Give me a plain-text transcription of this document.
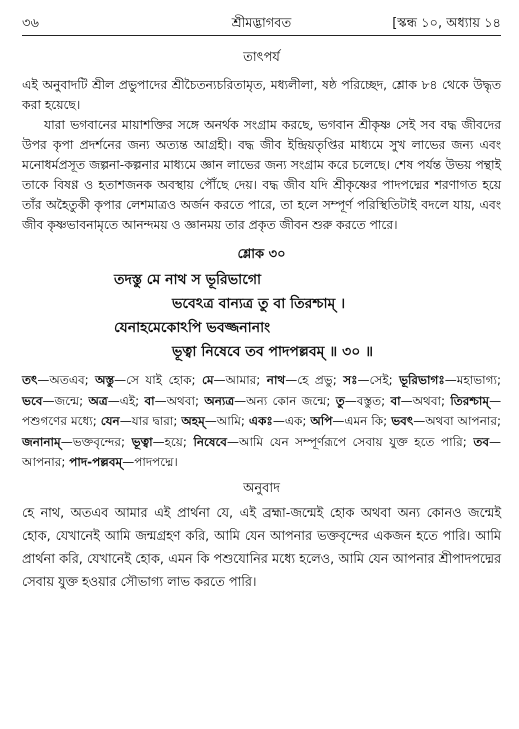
৩৬	শ্রীমদ্ভাগবত	[স্কন্ধ ১০, অধ্যায় ১৪
তাৎপর্য

এই অনুবাদটি শ্রীল প্রভুপাদের শ্রীচৈতন্যচরিতামৃত, মধ্যলীলা, ষষ্ঠ পরিচ্ছেদ, শ্লোক ৮৪ থেকে উদ্ধৃত করা হয়েছে।

যারা ভগবানের মায়াশক্তির সঙ্গে অনর্থক সংগ্রাম করছে, ভগবান শ্রীকৃষ্ণ সেই সব বদ্ধ জীবদের উপর কৃপা প্রদর্শনের জন্য অত্যন্ত আগ্রহী। বদ্ধ জীব ইন্দ্রিয়তৃপ্তির মাধ্যমে সুখ লাভের জন্য এবং মনোধর্মপ্রসূত জল্পনা-কল্পনার মাধ্যমে জ্ঞান লাভের জন্য সংগ্রাম করে চলেছে। শেষ পর্যন্ত উভয় পন্থাই তাকে বিষণ্ণ ও হতাশজনক অবস্থায় পৌঁছে দেয়। বদ্ধ জীব যদি শ্রীকৃষ্ণের পাদপদ্মের শরণাগত হয়ে তাঁর অহৈতুকী কৃপার লেশমাত্রও অর্জন করতে পারে, তা হলে সম্পূর্ণ পরিস্থিতিটাই বদলে যায়, এবং জীব কৃষ্ণভাবনামৃতে আনন্দময় ও জ্ঞানময় তার প্রকৃত জীবন শুরু করতে পারে।

শ্লোক ৩০
তদস্তু মে নাথ স ভূরিভাগো
ভবেঽত্র বান্যত্র তু বা তিরশ্চাম্ ।
যেনাহমেকোঽপি ভবজ্জনানাং
ভূত্বা নিষেবে তব পাদপল্লবম্ ॥ ৩০ ॥

তৎ—অতএব; অস্তু—সে যাই হোক; মে—আমার; নাথ—হে প্রভু; সঃ—সেই; ভূরিভাগঃ—মহাভাগ্য; ভবে—জন্মে; অত্র—এই; বা—অথবা; অন্যত্র—অন্য কোন জন্মে; তু—বস্তুত; বা—অথবা; তিরশ্চাম্—পশুগণের মধ্যে; যেন—যার দ্বারা; অহম্—আমি; একঃ—এক; অপি—এমন কি; ভবৎ—অথবা আপনার; জনানাম্—ভক্তবৃন্দের; ভূত্বা—হয়ে; নিষেবে—আমি যেন সম্পূর্ণরূপে সেবায় যুক্ত হতে পারি; তব—আপনার; পাদ-পল্লবম্—পাদপদ্মে।

অনুবাদ

হে নাথ, অতএব আমার এই প্রার্থনা যে, এই ব্রহ্মা-জন্মেই হোক অথবা অন্য কোনও জন্মেই হোক, যেখানেই আমি জন্মগ্রহণ করি, আমি যেন আপনার ভক্তবৃন্দের একজন হতে পারি। আমি প্রার্থনা করি, যেখানেই হোক, এমন কি পশুযোনির মধ্যে হলেও, আমি যেন আপনার শ্রীপাদপদ্মের সেবায় যুক্ত হওয়ার সৌভাগ্য লাভ করতে পারি।
